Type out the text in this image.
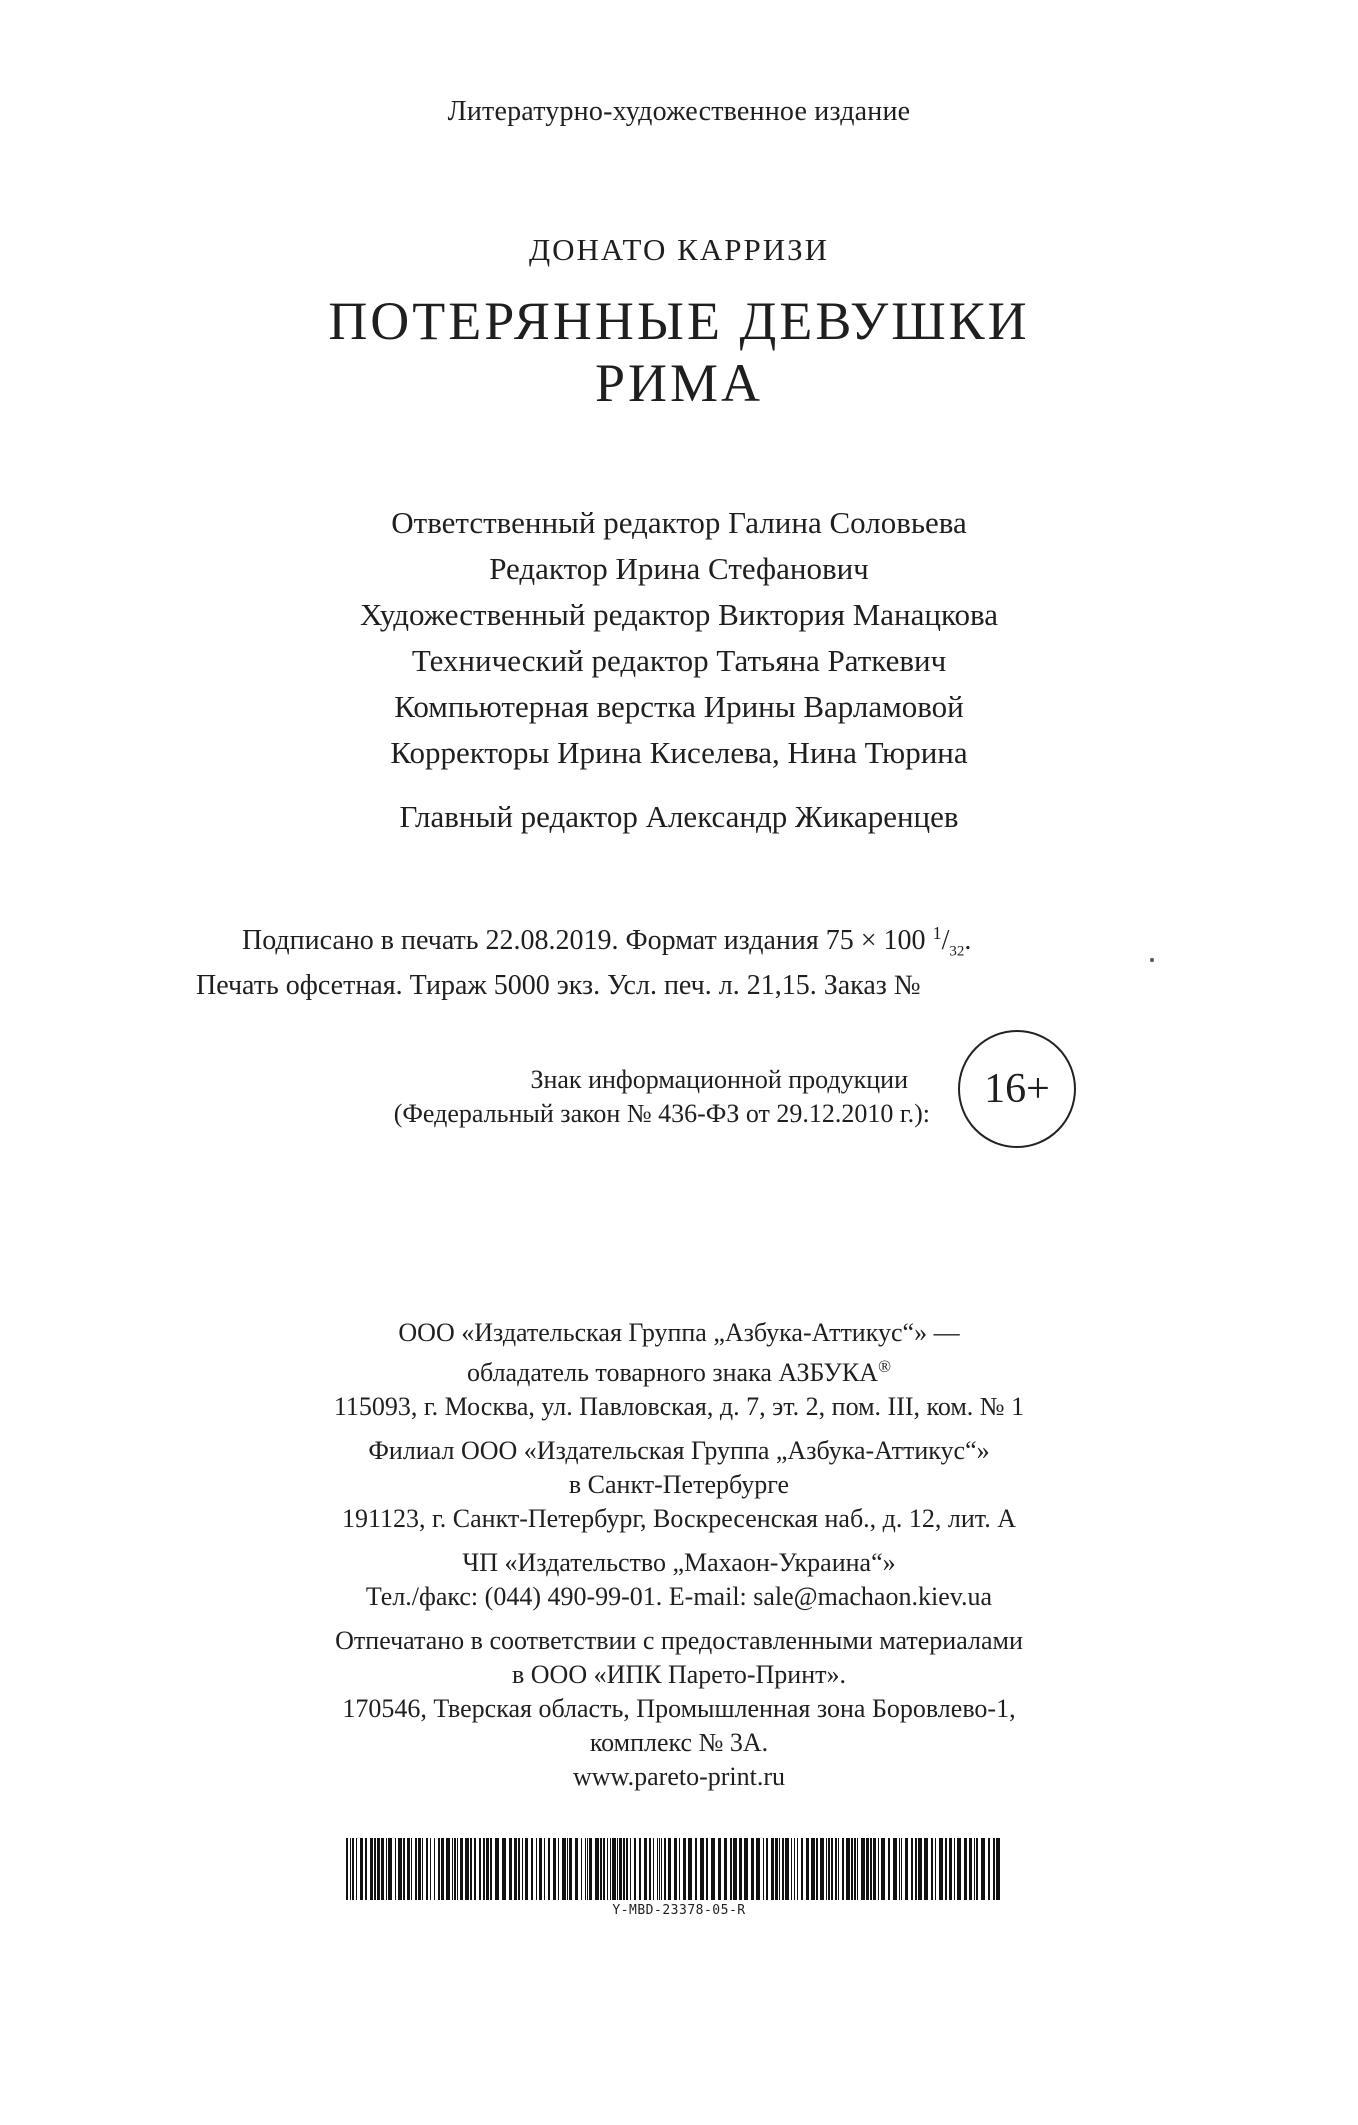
Литературно-художественное издание
ДОНАТО КАРРИЗИ
ПОТЕРЯННЫЕ ДЕВУШКИ
РИМА
Ответственный редактор Галина Соловьева
Редактор Ирина Стефанович
Художественный редактор Виктория Манацкова
Технический редактор Татьяна Раткевич
Компьютерная верстка Ирины Варламовой
Корректоры Ирина Киселева, Нина Тюрина
Главный редактор Александр Жикаренцев
Подписано в печать 22.08.2019. Формат издания 75 × 100 $^1/_{32}$.
Печать офсетная. Тираж 5000 экз. Усл. печ. л. 21,15. Заказ №
Знак информационной продукции
(Федеральный закон № 436-ФЗ от 29.12.2010 г.):
16+

ООО «Издательская Группа „Азбука-Аттикус“» —

обладатель товарного знака АЗБУКА®

115093, г. Москва, ул. Павловская, д. 7, эт. 2, пом. III, ком. № 1

Филиал ООО «Издательская Группа „Азбука-Аттикус“»

в Санкт-Петербурге

191123, г. Санкт-Петербург, Воскресенская наб., д. 12, лит. А

ЧП «Издательство „Махаон-Украина“»

Тел./факс: (044) 490-99-01. E-mail: sale@machaon.kiev.ua

Отпечатано в соответствии с предоставленными материалами

в ООО «ИПК Парето-Принт».

170546, Тверская область, Промышленная зона Боровлево-1,

комплекс № 3А.

www.pareto-print.ru

Y-MBD-23378-05-R
